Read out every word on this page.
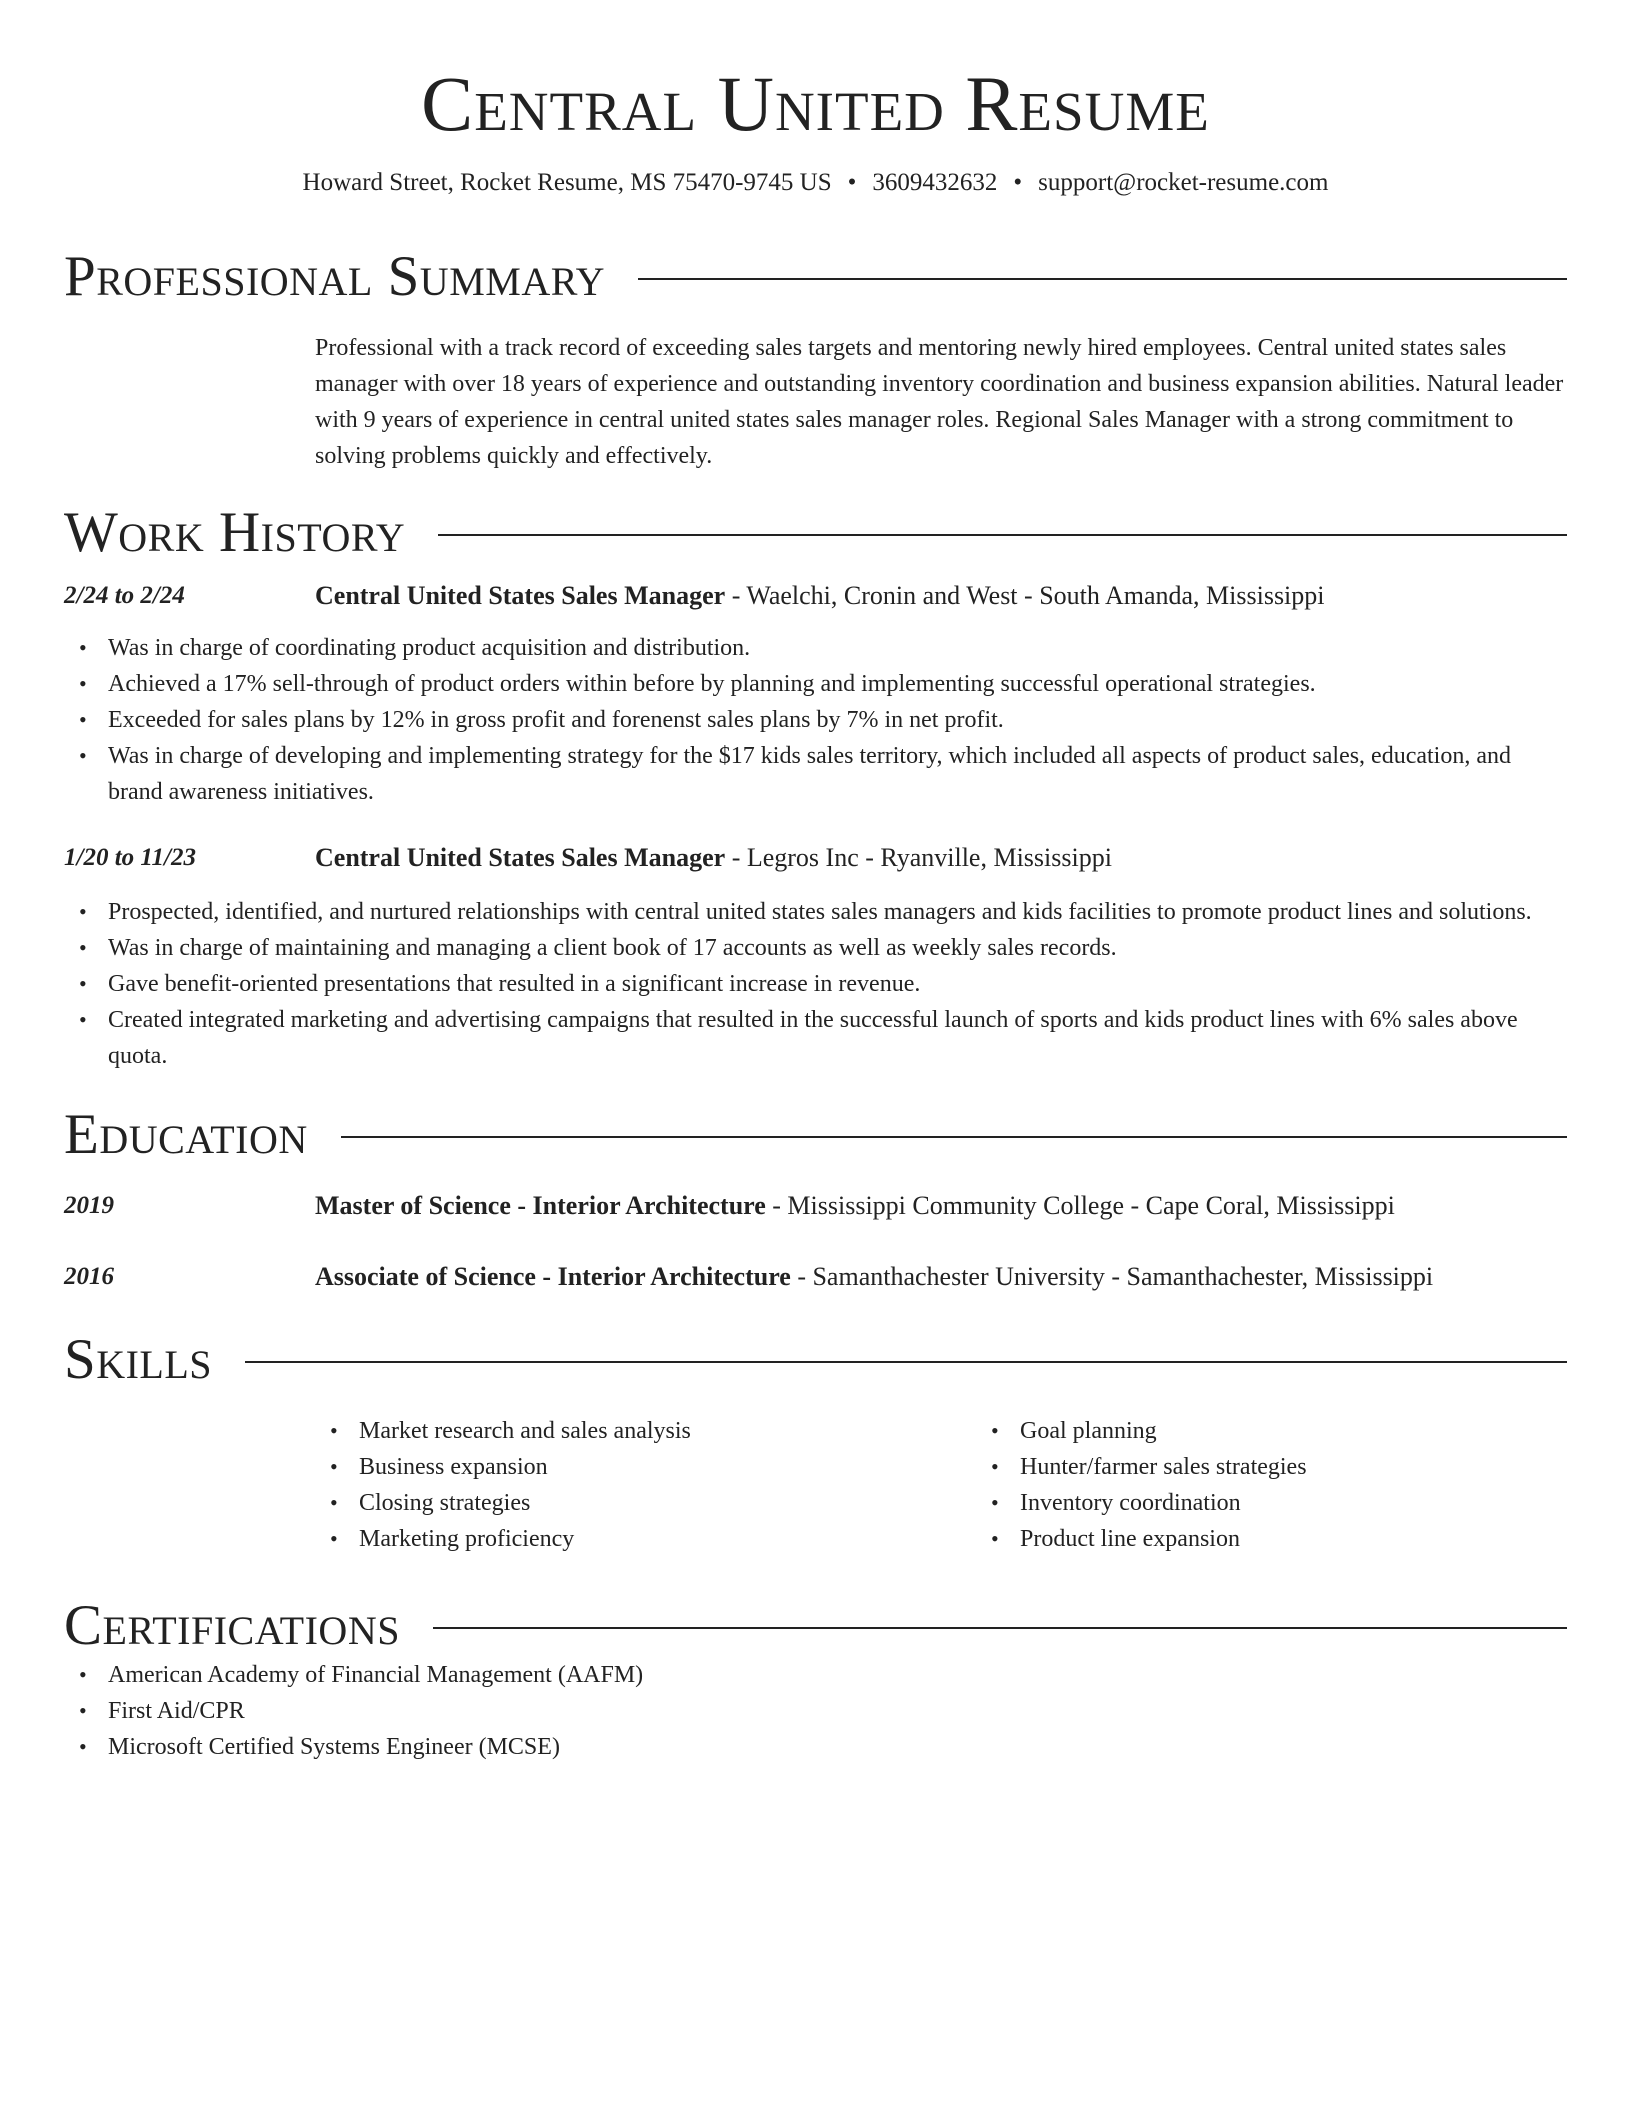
Central United Resume
Howard Street, Rocket Resume, MS 75470-9745 US • 3609432632 • support@rocket-resume.com
Professional Summary
Professional with a track record of exceeding sales targets and mentoring newly hired employees. Central united states sales manager with over 18 years of experience and outstanding inventory coordination and business expansion abilities. Natural leader with 9 years of experience in central united states sales manager roles. Regional Sales Manager with a strong commitment to solving problems quickly and effectively.
Work History
2/24 to 2/24	Central United States Sales Manager - Waelchi, Cronin and West - South Amanda, Mississippi
• Was in charge of coordinating product acquisition and distribution.
• Achieved a 17% sell-through of product orders within before by planning and implementing successful operational strategies.
• Exceeded for sales plans by 12% in gross profit and forenenst sales plans by 7% in net profit.
• Was in charge of developing and implementing strategy for the $17 kids sales territory, which included all aspects of product sales, education, and brand awareness initiatives.
1/20 to 11/23	Central United States Sales Manager - Legros Inc - Ryanville, Mississippi
• Prospected, identified, and nurtured relationships with central united states sales managers and kids facilities to promote product lines and solutions.
• Was in charge of maintaining and managing a client book of 17 accounts as well as weekly sales records.
• Gave benefit-oriented presentations that resulted in a significant increase in revenue.
• Created integrated marketing and advertising campaigns that resulted in the successful launch of sports and kids product lines with 6% sales above quota.
Education
2019	Master of Science - Interior Architecture - Mississippi Community College - Cape Coral, Mississippi
2016	Associate of Science - Interior Architecture - Samanthachester University - Samanthachester, Mississippi
Skills
• Market research and sales analysis
• Business expansion
• Closing strategies
• Marketing proficiency
• Goal planning
• Hunter/farmer sales strategies
• Inventory coordination
• Product line expansion
Certifications
• American Academy of Financial Management (AAFM)
• First Aid/CPR
• Microsoft Certified Systems Engineer (MCSE)
